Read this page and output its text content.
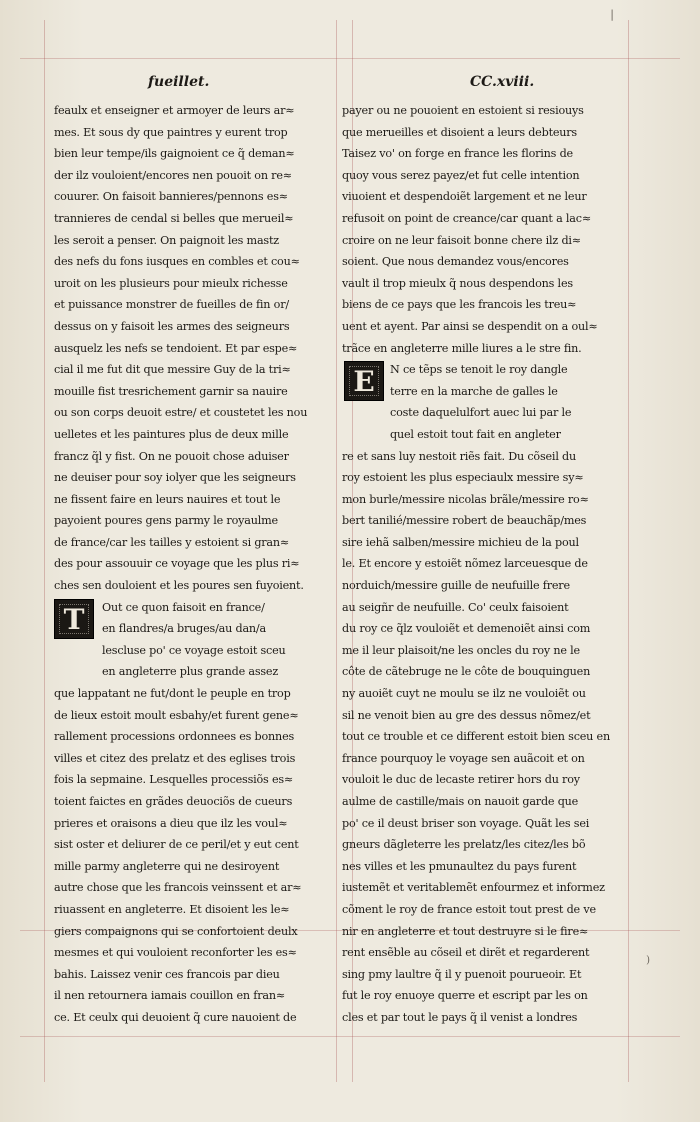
|
fueillet.	CC.xviii.
feaulx et enseigner et armoyer de leurs ar≈
mes. Et sous dy que paintres y eurent trop
bien leur tempe/ils gaignoient ce q̃ deman≈
der ilz vouloient/encores nen pouoit on re≈
couurer. On faisoit bannieres/pennons es≈
trannieres de cendal si belles que merueil≈
les seroit a penser. On paignoit les mastz
des nefs du fons iusques en combles et cou≈
uroit on les plusieurs pour mieulx richesse
et puissance monstrer de fueilles de fin or/
dessus on y faisoit les armes des seigneurs
ausquelz les nefs se tendoient. Et par espe≈
cial il me fut dit que messire Guy de la tri≈
mouille fist tresrichement garnir sa nauire
ou son corps deuoit estre/ et coustetet les nou
uelletes et les paintures plus de deux mille
francz q̃l y fist. On ne pouoit chose aduiser
ne deuiser pour soy iolyer que les seigneurs
ne fissent faire en leurs nauires et tout le
payoient poures gens parmy le royaulme
de france/car les tailles y estoient si gran≈
des pour assouuir ce voyage que les plus ri≈
ches sen douloient et les poures sen fuyoient.
T	Out ce quon faisoit en france/
en flandres/a bruges/au dan/a
lescluse po' ce voyage estoit sceu
en angleterre plus grande assez
que lappatant ne fut/dont le peuple en trop
de lieux estoit moult esbahy/et furent gene≈
rallement processions ordonnees es bonnes
villes et citez des prelatz et des eglises trois
fois la sepmaine. Lesquelles processiõs es≈
toient faictes en grãdes deuociõs de cueurs
prieres et oraisons a dieu que ilz les voul≈
sist oster et deliurer de ce peril/et y eut cent
mille parmy angleterre qui ne desiroyent
autre chose que les francois veinssent et ar≈
riuassent en angleterre. Et disoient les le≈
giers compaignons qui se confortoient deulx
mesmes et qui vouloient reconforter les es≈
bahis. Laissez venir ces francois par dieu
il nen retournera iamais couillon en fran≈
ce. Et ceulx qui deuoient q̃ cure nauoient de
payer ou ne pouoient en estoient si resiouys
que merueilles et disoient a leurs debteurs
Taisez vo' on forge en france les florins de
quoy vous serez payez/et fut celle intention
viuoient et despendoiẽt largement et ne leur
refusoit on point de creance/car quant a lac≈
croire on ne leur faisoit bonne chere ilz di≈
soient. Que nous demandez vous/encores
vault il trop mieulx q̃ nous despendons les
biens de ce pays que les francois les treu≈
uent et ayent. Par ainsi se despendit on a oul≈
trãce en angleterre mille liures a le stre fin.
E	N ce tẽps se tenoit le roy dangle
terre en la marche de galles le
coste daquelulfort auec lui par le
quel estoit tout fait en angleter
re et sans luy nestoit riẽs fait. Du cõseil du
roy estoient les plus especiaulx messire sy≈
mon burle/messire nicolas brãle/messire ro≈
bert tanilié/messire robert de beauchãp/mes
sire iehã salben/messire michieu de la poul
le. Et encore y estoiẽt nõmez larceuesque de
norduich/messire guille de neufuille frere
au seigñr de neufuille. Co' ceulx faisoient
du roy ce q̃lz vouloiẽt et demenoiẽt ainsi com
me il leur plaisoit/ne les oncles du roy ne le
côte de cãtebruge ne le côte de bouquinguen
ny auoiẽt cuyt ne moulu se ilz ne vouloiẽt ou
sil ne venoit bien au gre des dessus nõmez/et
tout ce trouble et ce different estoit bien sceu en
france pourquoy le voyage sen auãcoit et on
vouloit le duc de lecaste retirer hors du roy
aulme de castille/mais on nauoit garde que
po' ce il deust briser son voyage. Quãt les sei
gneurs dãgleterre les prelatz/les citez/les bõ
nes villes et les pmunaultez du pays furent
iustemẽt et veritablemẽt enfourmez et informez
cõment le roy de france estoit tout prest de ve
nir en angleterre et tout destruyre si le fire≈
rent ensẽble au cõseil et dirẽt et regarderent
sing pmy laultre q̃ il y puenoit pourueoir. Et
fut le roy enuoye querre et escript par les on
cles et par tout le pays q̃ il venist a londres
)
